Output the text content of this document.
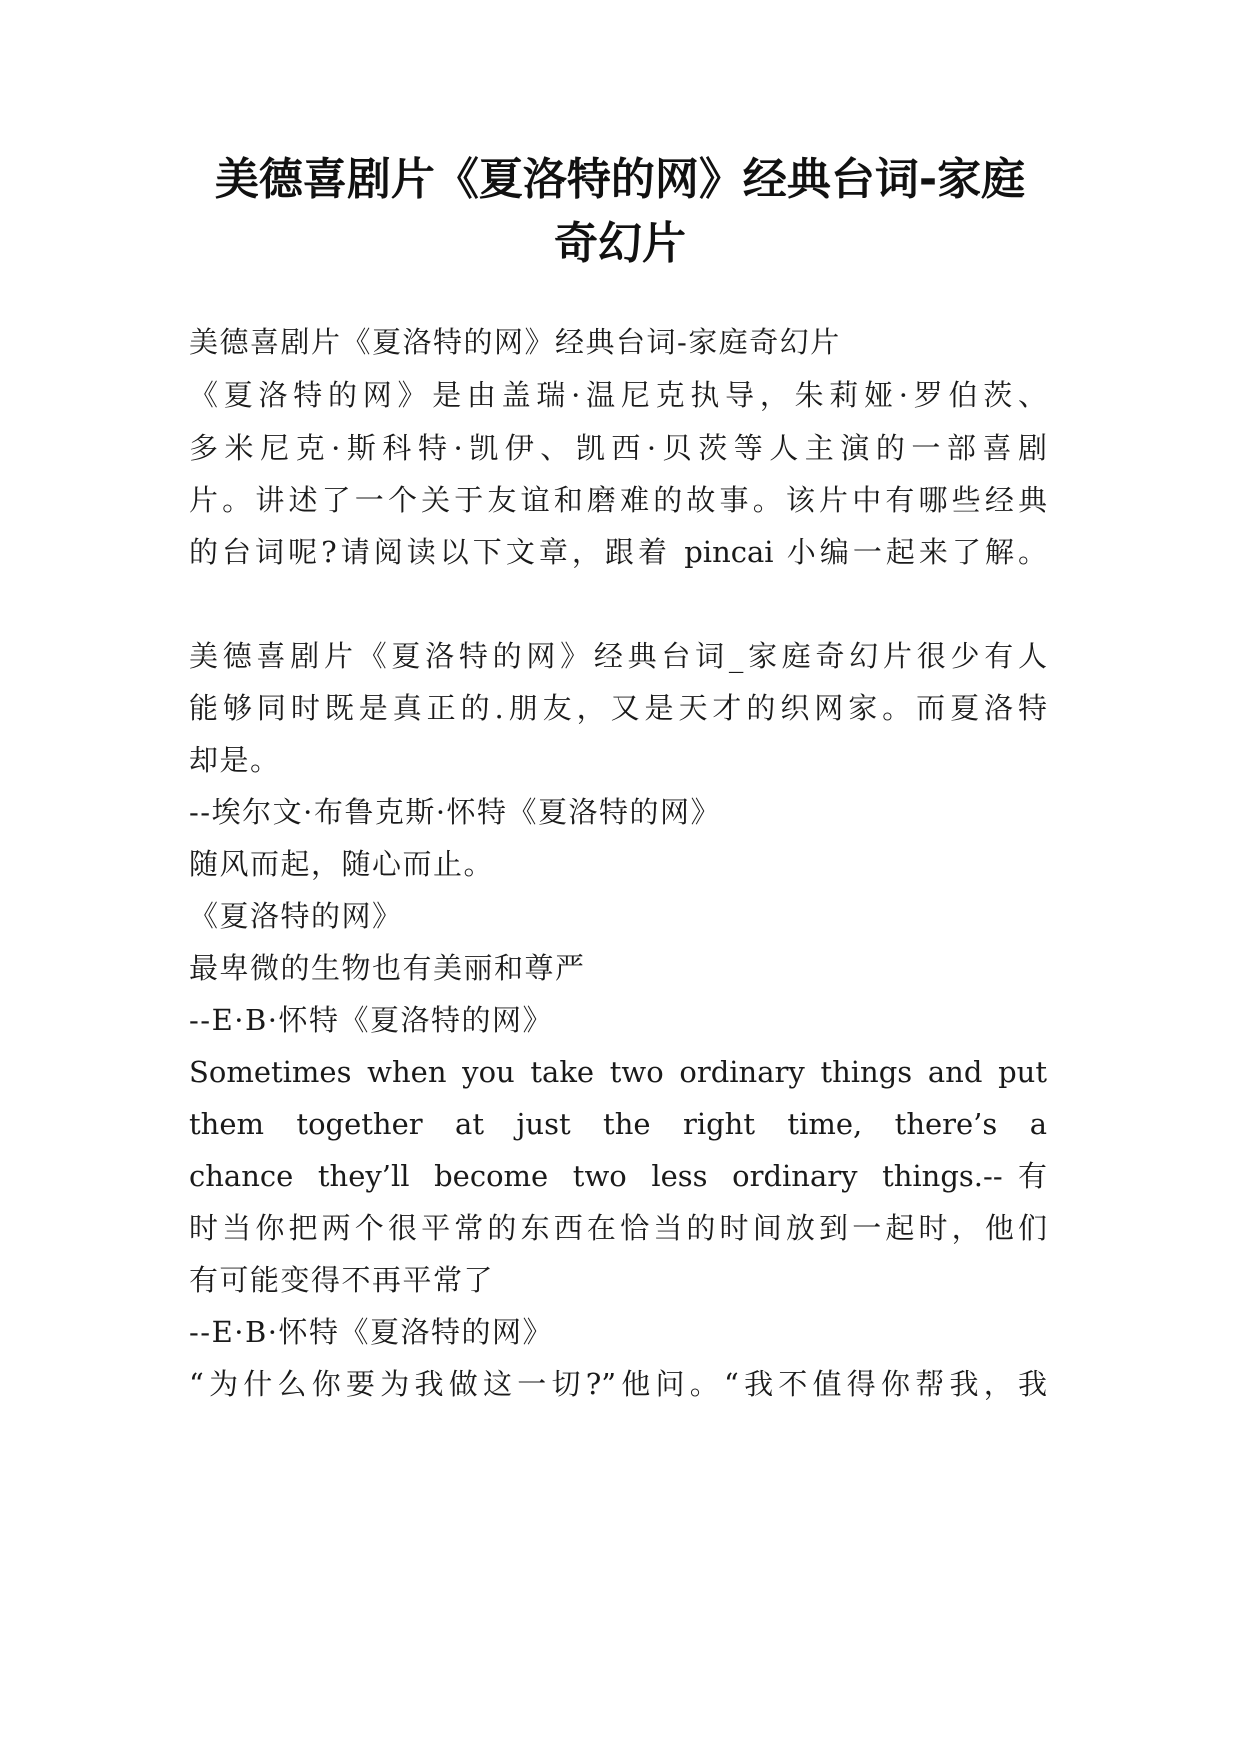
美德喜剧片《夏洛特的网》经典台词-家庭
奇幻片
美德喜剧片《夏洛特的网》经典台词-家庭奇幻片
《夏洛特的网》是由盖瑞·温尼克执导，朱莉娅·罗伯茨、
多米尼克·斯科特·凯伊、凯西·贝茨等人主演的一部喜剧
片。讲述了一个关于友谊和磨难的故事。该片中有哪些经典
的台词呢?请阅读以下文章，跟着 pincai 小编一起来了解。
美德喜剧片《夏洛特的网》经典台词_家庭奇幻片很少有人
能够同时既是真正的.朋友，又是天才的织网家。而夏洛特
却是。
--埃尔文·布鲁克斯·怀特《夏洛特的网》
随风而起，随心而止。
《夏洛特的网》
最卑微的生物也有美丽和尊严
--E·B·怀特《夏洛特的网》
Sometimes when you take two ordinary things and put
them together at just the right time, there’s a
chance they’ll become two less ordinary things.--有
时当你把两个很平常的东西在恰当的时间放到一起时，他们
有可能变得不再平常了
--E·B·怀特《夏洛特的网》
“为什么你要为我做这一切?”他问。“我不值得你帮我，我
